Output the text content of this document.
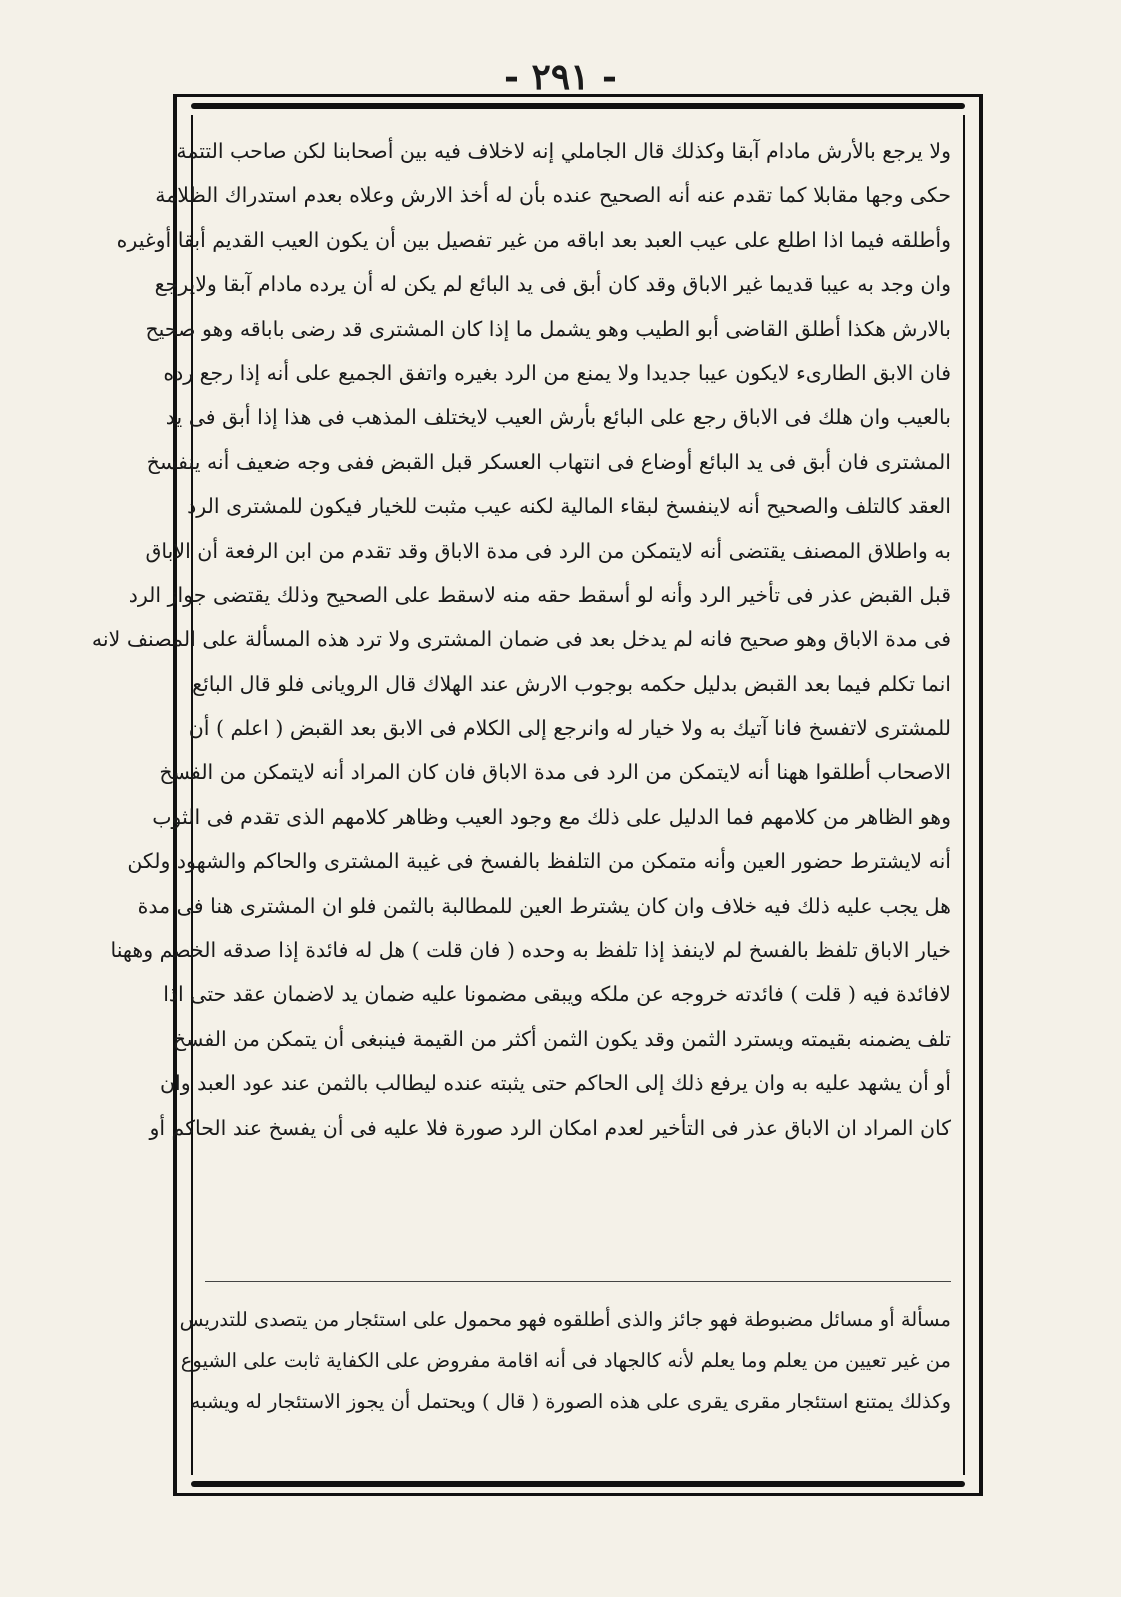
- ٢٩١ -
ولا يرجع بالأرش مادام آبقا وكذلك قال الجاملي إنه لاخلاف فيه بين أصحابنا لكن صاحب التتمة
حكى وجها مقابلا كما تقدم عنه أنه الصحيح عنده بأن له أخذ الارش وعلاه بعدم استدراك الظلامة
وأطلقه فيما اذا اطلع على عيب العبد بعد اباقه من غير تفصيل بين أن يكون العيب القديم أبقا أوغيره
وان وجد به عيبا قديما غير الاباق وقد كان أبق فى يد البائع لم يكن له أن يرده مادام آبقا ولايرجع
بالارش هكذا أطلق القاضى أبو الطيب وهو يشمل ما إذا كان المشترى قد رضى باباقه وهو صحيح
فان الابق الطارىء لايكون عيبا جديدا ولا يمنع من الرد بغيره واتفق الجميع على أنه إذا رجع رده
بالعيب وان هلك فى الاباق رجع على البائع بأرش العيب لايختلف المذهب فى هذا إذا أبق فى يد
المشترى فان أبق فى يد البائع أوضاع فى انتهاب العسكر قبل القبض ففى وجه ضعيف أنه ينفسخ
العقد كالتلف والصحيح أنه لاينفسخ لبقاء المالية لكنه عيب مثبت للخيار فيكون للمشترى الرد
به واطلاق المصنف يقتضى أنه لايتمكن من الرد فى مدة الاباق وقد تقدم من ابن الرفعة أن الاباق
قبل القبض عذر فى تأخير الرد وأنه لو أسقط حقه منه لاسقط على الصحيح وذلك يقتضى جواز الرد
فى مدة الاباق وهو صحيح فانه لم يدخل بعد فى ضمان المشترى ولا ترد هذه المسألة على المصنف لانه
انما تكلم فيما بعد القبض بدليل حكمه بوجوب الارش عند الهلاك قال الرويانى فلو قال البائع
للمشترى لاتفسخ فانا آتيك به ولا خيار له وانرجع إلى الكلام فى الابق بعد القبض ( اعلم ) أن
الاصحاب أطلقوا ههنا أنه لايتمكن من الرد فى مدة الاباق فان كان المراد أنه لايتمكن من الفسخ
وهو الظاهر من كلامهم فما الدليل على ذلك مع وجود العيب وظاهر كلامهم الذى تقدم فى الثوب
أنه لايشترط حضور العين وأنه متمكن من التلفظ بالفسخ فى غيبة المشترى والحاكم والشهود ولكن
هل يجب عليه ذلك فيه خلاف وان كان يشترط العين للمطالبة بالثمن فلو ان المشترى هنا فى مدة
خيار الاباق تلفظ بالفسخ لم لاينفذ إذا تلفظ به وحده ( فان قلت ) هل له فائدة إذا صدقه الخصم وههنا
لافائدة فيه ( قلت ) فائدته خروجه عن ملكه ويبقى مضمونا عليه ضمان يد لاضمان عقد حتى اذا
تلف يضمنه بقيمته ويسترد الثمن وقد يكون الثمن أكثر من القيمة فينبغى أن يتمكن من الفسخ
أو أن يشهد عليه به وان يرفع ذلك إلى الحاكم حتى يثبته عنده ليطالب بالثمن عند عود العبد وان
كان المراد ان الاباق عذر فى التأخير لعدم امكان الرد صورة فلا عليه فى أن يفسخ عند الحاكم أو
مسألة أو مسائل مضبوطة فهو جائز والذى أطلقوه فهو محمول على استئجار من يتصدى للتدريس
من غير تعيين من يعلم وما يعلم لأنه كالجهاد فى أنه اقامة مفروض على الكفاية ثابت على الشيوع
وكذلك يمتنع استئجار مقرى يقرى على هذه الصورة ( قال ) ويحتمل أن يجوز الاستئجار له ويشبه
